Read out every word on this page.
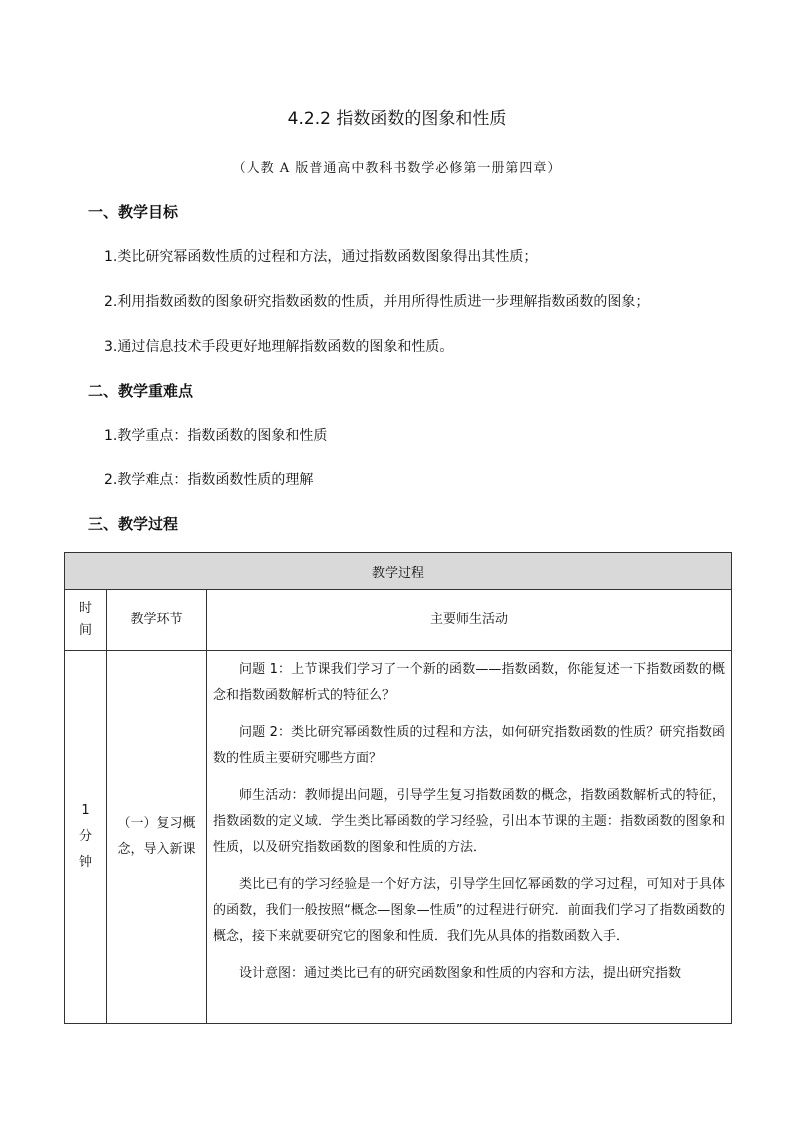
4.2.2 指数函数的图象和性质
（人教 A 版普通高中教科书数学必修第一册第四章）
一、教学目标
1.类比研究幂函数性质的过程和方法，通过指数函数图象得出其性质；
2.利用指数函数的图象研究指数函数的性质，并用所得性质进一步理解指数函数的图象；
3.通过信息技术手段更好地理解指数函数的图象和性质。
二、教学重难点
1.教学重点：指数函数的图象和性质
2.教学难点：指数函数性质的理解
三、教学过程
教学过程		
时间	教学环节	主要师生活动
1 分钟	（一）复习概念，导入新课	问题 1：上节课我们学习了一个新的函数——指数函数，你能复述一下指数函数的概念和指数函数解析式的特征么？

问题 2：类比研究幂函数性质的过程和方法，如何研究指数函数的性质？研究指数函数的性质主要研究哪些方面？

师生活动：教师提出问题，引导学生复习指数函数的概念，指数函数解析式的特征，指数函数的定义域．学生类比幂函数的学习经验，引出本节课的主题：指数函数的图象和性质，以及研究指数函数的图象和性质的方法．

类比已有的学习经验是一个好方法，引导学生回忆幂函数的学习过程，可知对于具体的函数，我们一般按照“概念—图象—性质”的过程进行研究．前面我们学习了指数函数的概念，接下来就要研究它的图象和性质．我们先从具体的指数函数入手．

设计意图：通过类比已有的研究函数图象和性质的内容和方法，提出研究指数
